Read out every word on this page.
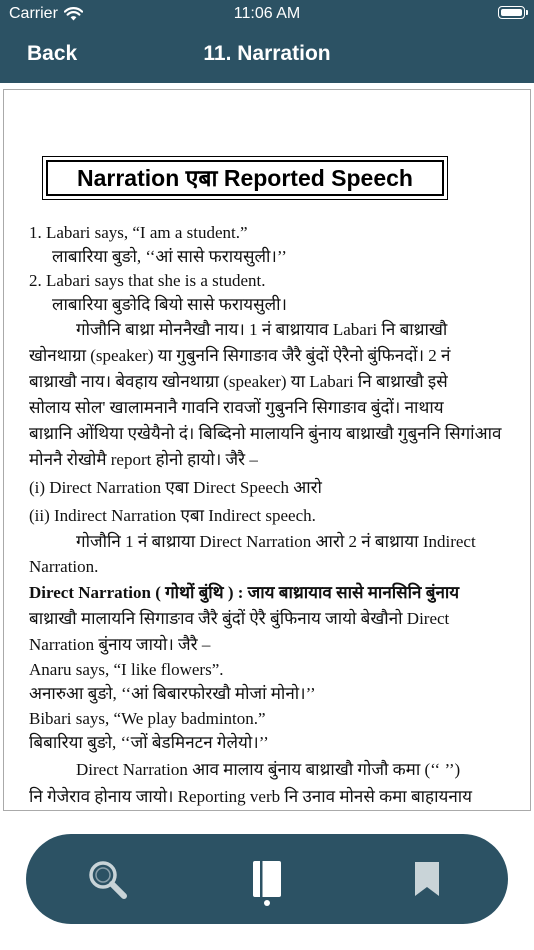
Carrier	11:06 AM
Back	11. Narration
Narration एबा Reported Speech
1. Labari says, “I am a student.”
लाबारिया बुङो, ‘‘आं सासे फरायसुली।’’
2. Labari says that she is a student.
लाबारिया बुङोदि बियो सासे फरायसुली।
गोजौनि बाथ्रा मोननैखौ नाय। 1 नं बाथ्रायाव Labari नि बाथ्राखौ
खोनथाग्रा (speaker) या गुबुननि सिगाङाव जैरै बुंदों ऐरैनो बुंफिनदों। 2 नं
बाथ्राखौ नाय। बेवहाय खोनथाग्रा (speaker) या Labari नि बाथ्राखौ इसे
सोलाय सोल' खालामनानै गावनि रावजों गुबुननि सिगाङाव बुंदों। नाथाय
बाथ्रानि ओंथिया एखेयैनो दं। बिब्दिनो मालायनि बुंनाय बाथ्राखौ गुबुननि सिगांआव
मोननै रोखोमै report होनो हायो। जैरै –
(i) Direct Narration एबा Direct Speech आरो
(ii) Indirect Narration एबा Indirect speech.
गोजौनि 1 नं बाथ्राया Direct Narration आरो 2 नं बाथ्राया Indirect
Narration.
Direct Narration ( गोथों बुंथि ) : जाय बाथ्रायाव सासे मानसिनि बुंनाय
बाथ्राखौ मालायनि सिगाङाव जैरै बुंदों ऐरै बुंफिनाय जायो बेखौनो Direct
Narration बुंनाय जायो। जैरै –
Anaru says, “I like flowers”.
अनारुआ बुङो, ‘‘आं बिबारफोरखौ मोजां मोनो।’’
Bibari says, “We play badminton.”
बिबारिया बुङो, ‘‘जों बेडमिनटन गेलेयो।’’
Direct Narration आव मालाय बुंनाय बाथ्राखौ गोजौ कमा (‘‘ ’’)
नि गेजेराव होनाय जायो। Reporting verb नि उनाव मोनसे कमा बाहायनाय
